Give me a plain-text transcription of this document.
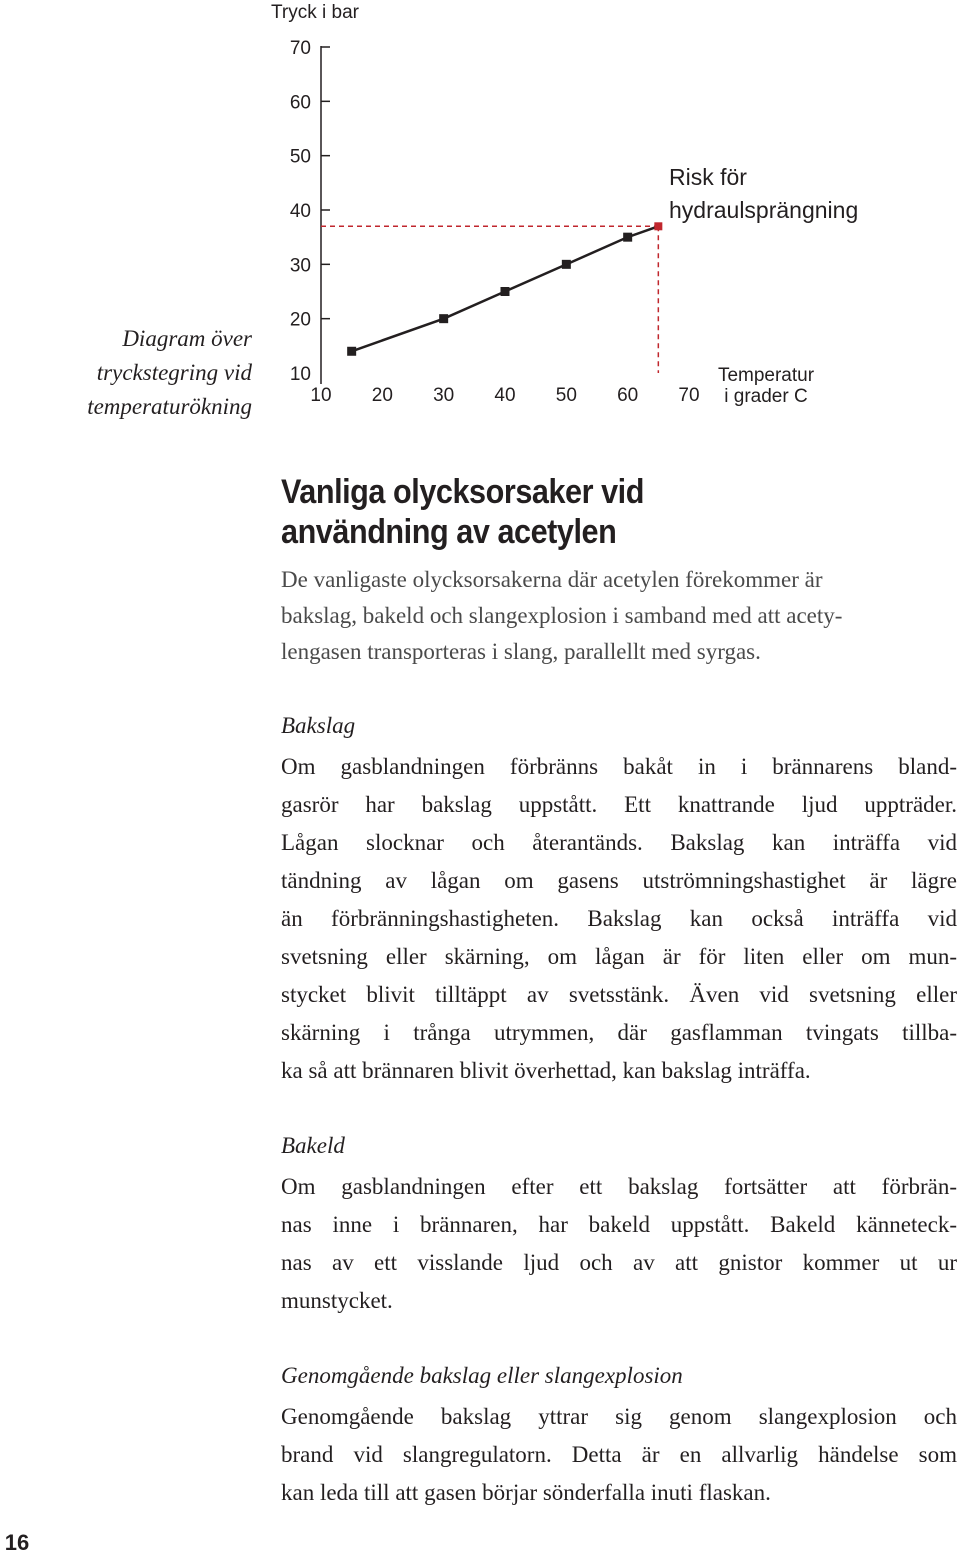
Tryck i bar
10
20
30
40
50
60
70
10 20 30 40 50 60 70
Risk för
hydraulsprängning
Temperatur
i grader C
Diagram över
tryckstegring vid
temperaturökning
Vanliga olycksorsaker vid
användning av acetylen

De vanligaste olycksorsakerna där acetylen förekommer är
bakslag, bakeld och slangexplosion i samband med att acety-
lengasen transporteras i slang, parallellt med syrgas.

Bakslag

Om gasblandningen förbränns bakåt in i brännarens bland-
gasrör har bakslag uppstått. Ett knattrande ljud uppträder.
Lågan slocknar och återantänds. Bakslag kan inträffa vid
tändning av lågan om gasens utströmningshastighet är lägre
än förbränningshastigheten. Bakslag kan också inträffa vid
svetsning eller skärning, om lågan är för liten eller om mun-
stycket blivit tilltäppt av svetsstänk. Även vid svetsning eller
skärning i trånga utrymmen, där gasflamman tvingats tillba-
ka så att brännaren blivit överhettad, kan bakslag inträffa.

Bakeld

Om gasblandningen efter ett bakslag fortsätter att förbrän-
nas inne i brännaren, har bakeld uppstått. Bakeld känneteck-
nas av ett visslande ljud och av att gnistor kommer ut ur
munstycket.

Genomgående bakslag eller slangexplosion

Genomgående bakslag yttrar sig genom slangexplosion och
brand vid slangregulatorn. Detta är en allvarlig händelse som
kan leda till att gasen börjar sönderfalla inuti flaskan.

16
